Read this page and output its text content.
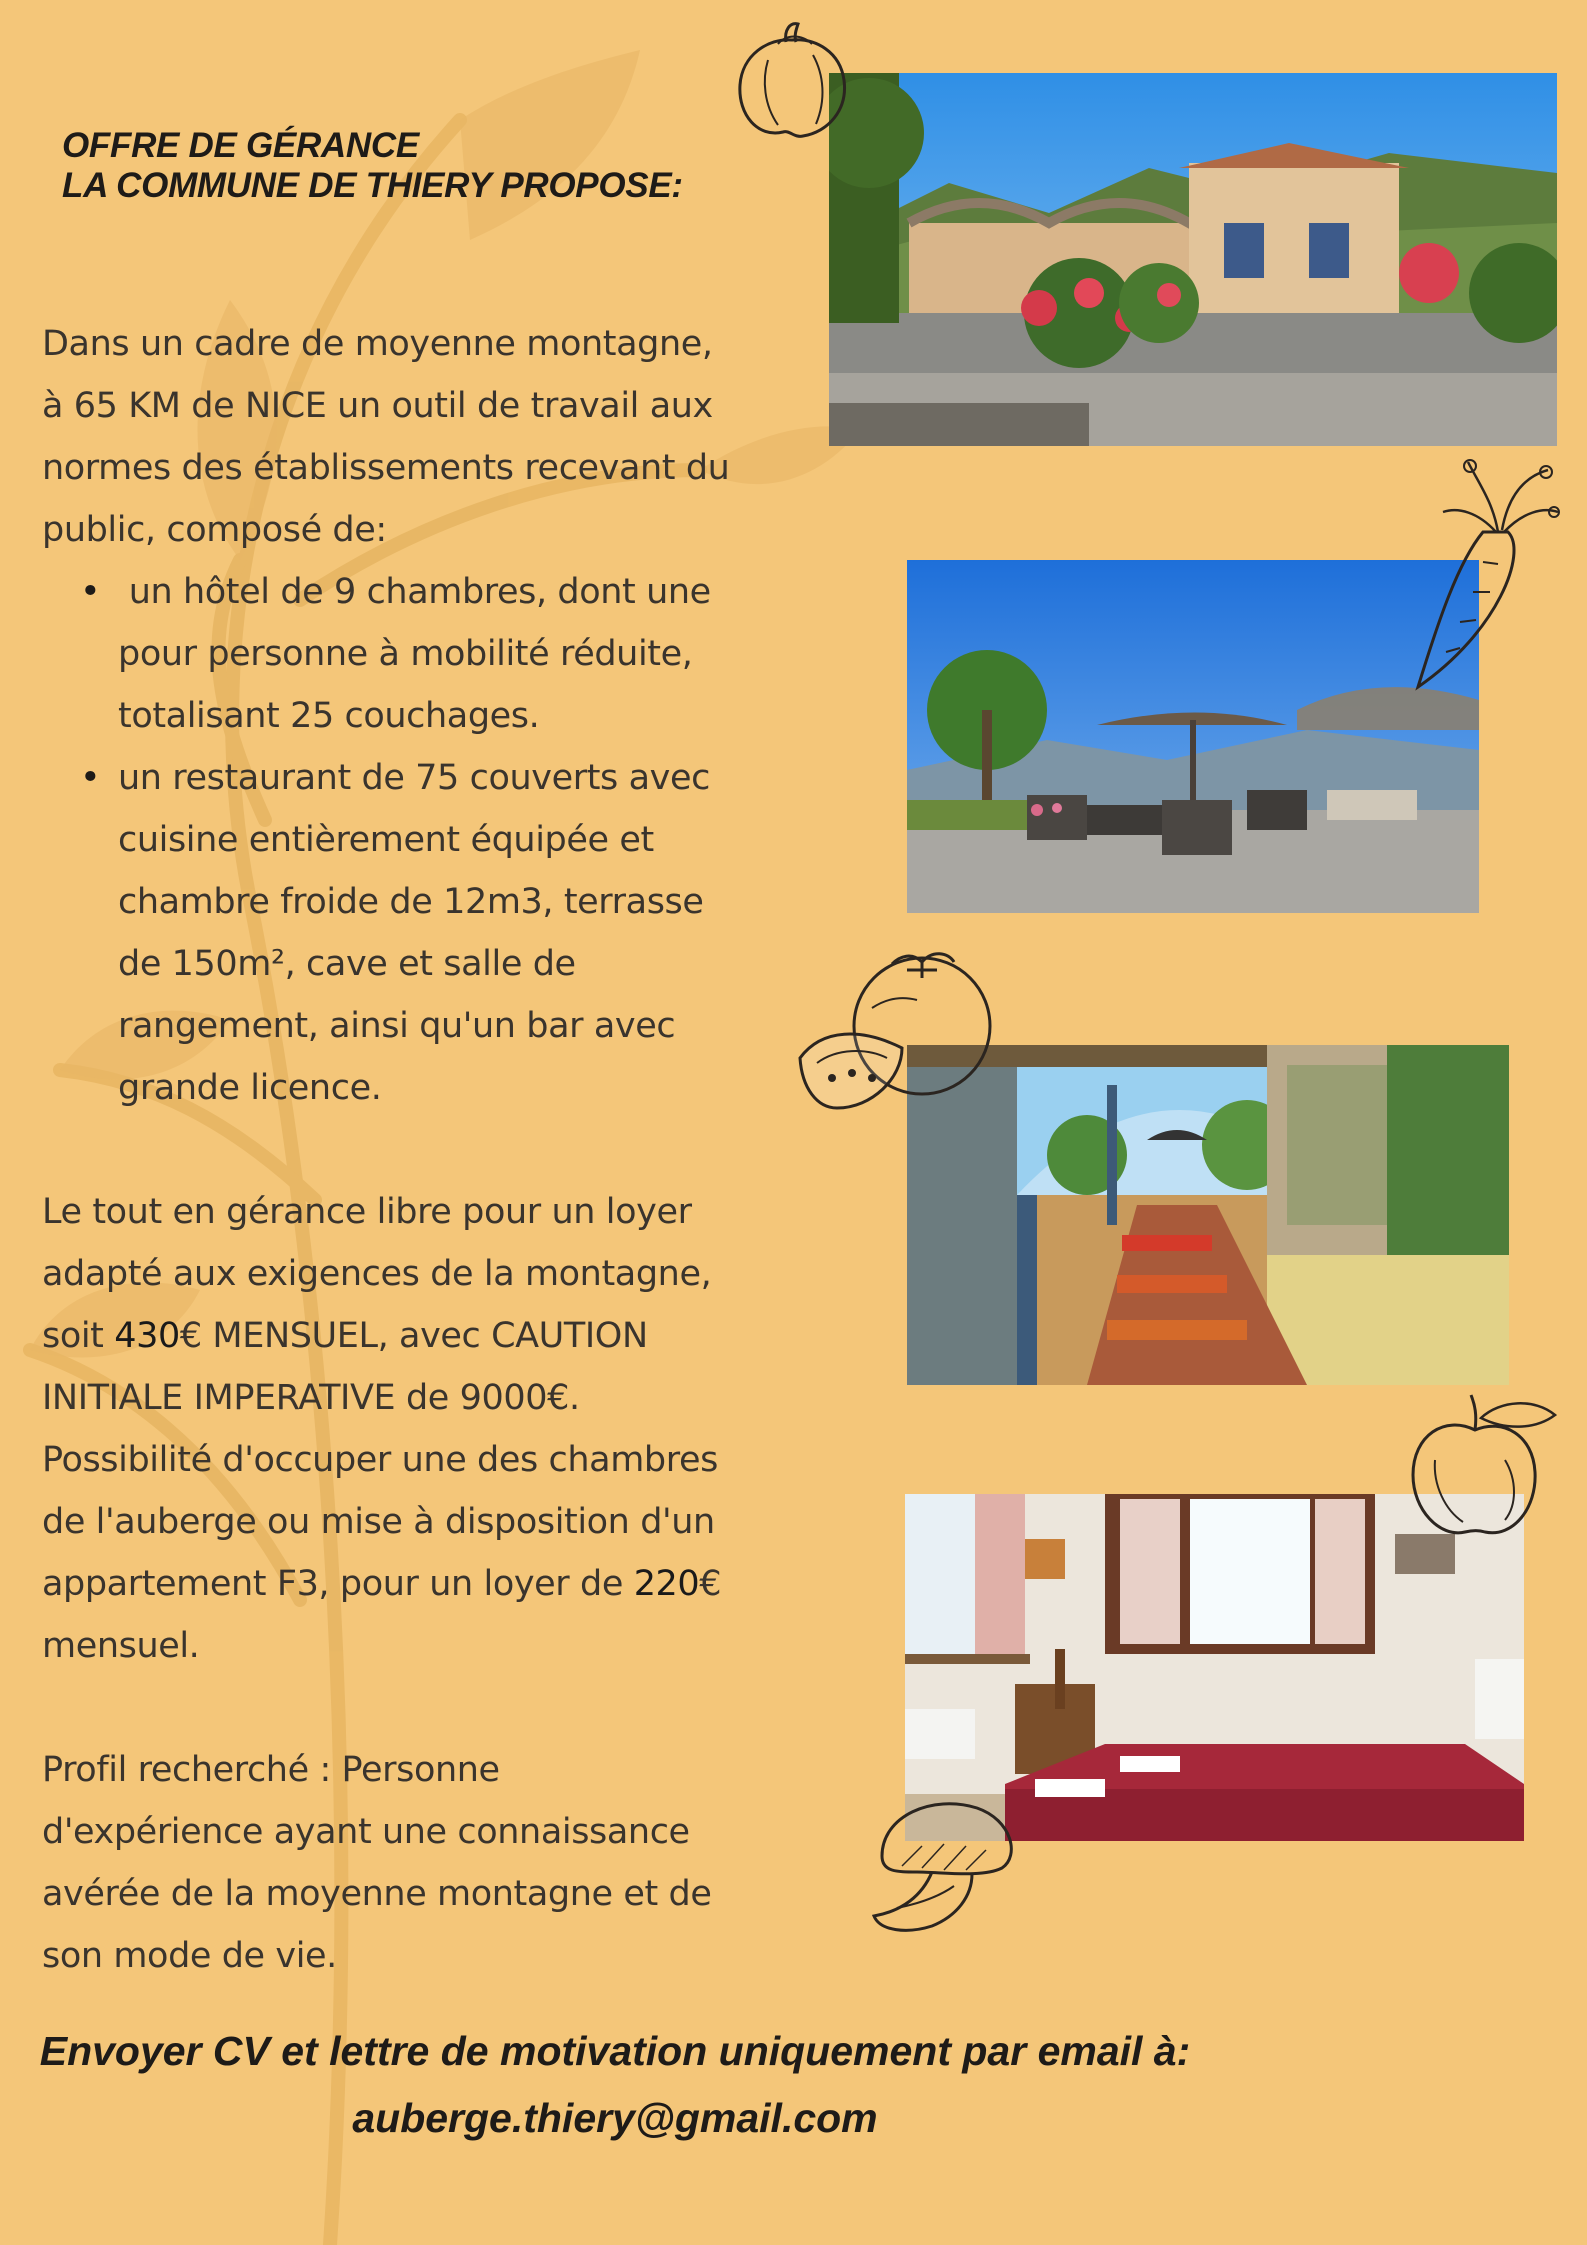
OFFRE DE GÉRANCE
LA COMMUNE DE THIERY PROPOSE:

Dans un cadre de moyenne montagne,

à 65 KM de NICE un outil de travail aux

normes des établissements recevant du

public, composé de:

•  un hôtel de 9 chambres, dont une

pour personne à mobilité réduite,

totalisant 25 couchages.

• un restaurant de 75 couverts avec

cuisine entièrement équipée et

chambre froide de 12m3, terrasse

de 150m², cave et salle de

rangement, ainsi qu'un bar avec

grande licence.

Le tout en gérance libre pour un loyer

adapté aux exigences de la montagne,

soit 430€ MENSUEL, avec CAUTION

INITIALE IMPERATIVE de 9000€.

Possibilité d'occuper une des chambres

de l'auberge ou mise à disposition d'un

appartement F3, pour un loyer de 220€

mensuel.

Profil recherché : Personne

d'expérience ayant une connaissance

avérée de la moyenne montagne et de

son mode de vie.

Envoyer CV et lettre de motivation uniquement par email à:
auberge.thiery@gmail.com
